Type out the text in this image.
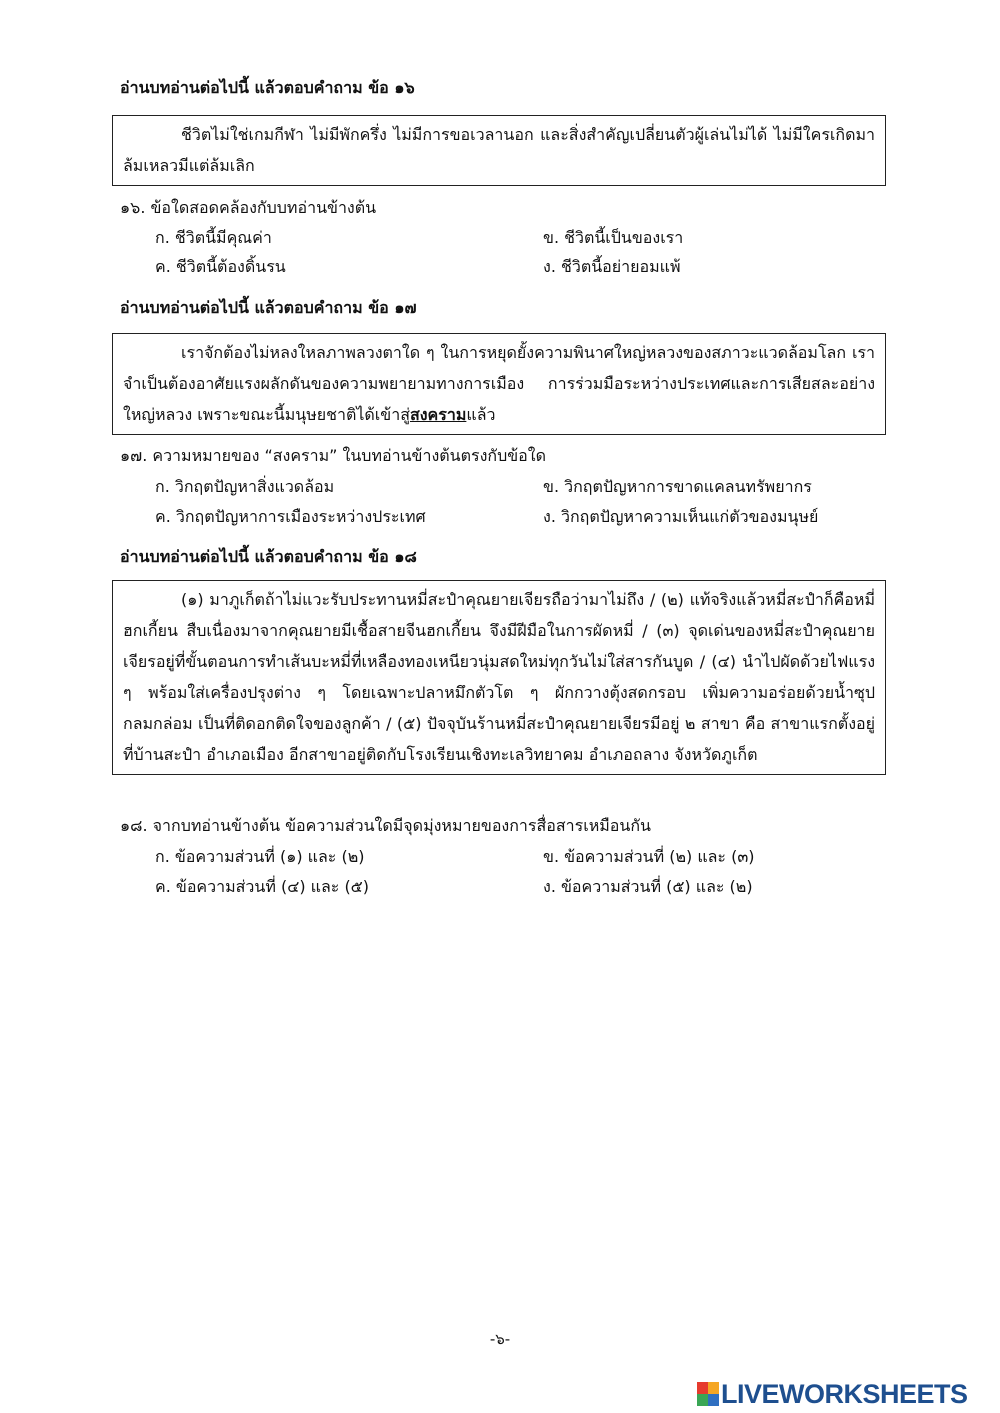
อ่านบทอ่านต่อไปนี้ แล้วตอบคำถาม ข้อ ๑๖
ชีวิตไม่ใช่เกมกีฬา ไม่มีพักครึ่ง ไม่มีการขอเวลานอก และสิ่งสำคัญเปลี่ยนตัวผู้เล่นไม่ได้ ไม่มีใครเกิดมาล้มเหลวมีแต่ล้มเลิก
๑๖. ข้อใดสอดคล้องกับบทอ่านข้างต้น
ก. ชีวิตนี้มีคุณค่า	ข. ชีวิตนี้เป็นของเรา
ค. ชีวิตนี้ต้องดิ้นรน	ง. ชีวิตนี้อย่ายอมแพ้
อ่านบทอ่านต่อไปนี้ แล้วตอบคำถาม ข้อ ๑๗
เราจักต้องไม่หลงใหลภาพลวงตาใด ๆ ในการหยุดยั้งความพินาศใหญ่หลวงของสภาวะแวดล้อมโลก เราจำเป็นต้องอาศัยแรงผลักดันของความพยายามทางการเมือง การร่วมมือระหว่างประเทศและการเสียสละอย่างใหญ่หลวง เพราะขณะนี้มนุษยชาติได้เข้าสู่สงครามแล้ว
๑๗. ความหมายของ “สงคราม” ในบทอ่านข้างต้นตรงกับข้อใด
ก. วิกฤตปัญหาสิ่งแวดล้อม	ข. วิกฤตปัญหาการขาดแคลนทรัพยากร
ค. วิกฤตปัญหาการเมืองระหว่างประเทศ	ง. วิกฤตปัญหาความเห็นแก่ตัวของมนุษย์
อ่านบทอ่านต่อไปนี้ แล้วตอบคำถาม ข้อ ๑๘
(๑) มาภูเก็ตถ้าไม่แวะรับประทานหมี่สะปำคุณยายเจียรถือว่ามาไม่ถึง / (๒) แท้จริงแล้วหมี่สะปำก็คือหมี่ฮกเกี้ยน สืบเนื่องมาจากคุณยายมีเชื้อสายจีนฮกเกี้ยน จึงมีฝีมือในการผัดหมี่ / (๓) จุดเด่นของหมี่สะปำคุณยายเจียรอยู่ที่ขั้นตอนการทำเส้นบะหมี่ที่เหลืองทองเหนียวนุ่มสดใหม่ทุกวันไม่ใส่สารกันบูด / (๔) นำไปผัดด้วยไฟแรง ๆ พร้อมใส่เครื่องปรุงต่าง ๆ โดยเฉพาะปลาหมึกตัวโต ๆ ผักกวางตุ้งสดกรอบ เพิ่มความอร่อยด้วยน้ำซุปกลมกล่อม เป็นที่ติดอกติดใจของลูกค้า / (๕) ปัจจุบันร้านหมี่สะปำคุณยายเจียรมีอยู่ ๒ สาขา คือ สาขาแรกตั้งอยู่ที่บ้านสะปำ อำเภอเมือง อีกสาขาอยู่ติดกับโรงเรียนเชิงทะเลวิทยาคม อำเภอถลาง จังหวัดภูเก็ต
๑๘. จากบทอ่านข้างต้น ข้อความส่วนใดมีจุดมุ่งหมายของการสื่อสารเหมือนกัน
ก. ข้อความส่วนที่ (๑) และ (๒)	ข. ข้อความส่วนที่ (๒) และ (๓)
ค. ข้อความส่วนที่ (๔) และ (๕)	ง. ข้อความส่วนที่ (๕) และ (๒)
-๖-
LIVEWORKSHEETS
